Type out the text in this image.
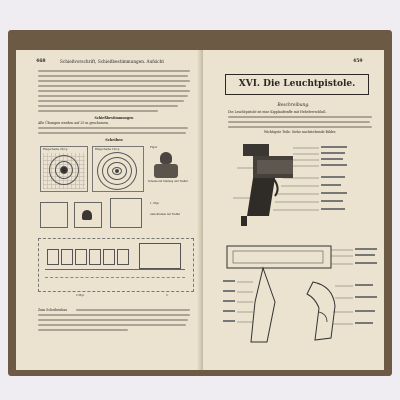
468	Schießvorschrift, Schießbestimmungen. Aufsicht
Schießbestimmungen
Alle Übungen werden auf 25 m geschossen.
Scheiben
Ringscheibe 25/1g	Ringscheibe 10/1g
Figur
Scheibe mit Stellung und Treffer
1. Mgl.
Aufschreiben der Treffer
2 Mgl.	5
Zum Scheibenbau
459
XVI. Die Leuchtpistole.
Beschreibung.
Die Leuchtpistole ist eine Kipplaufwaffe mit Hebelverschluß.
Wichtigste Teile. Siehe nachstehende Bilder.
